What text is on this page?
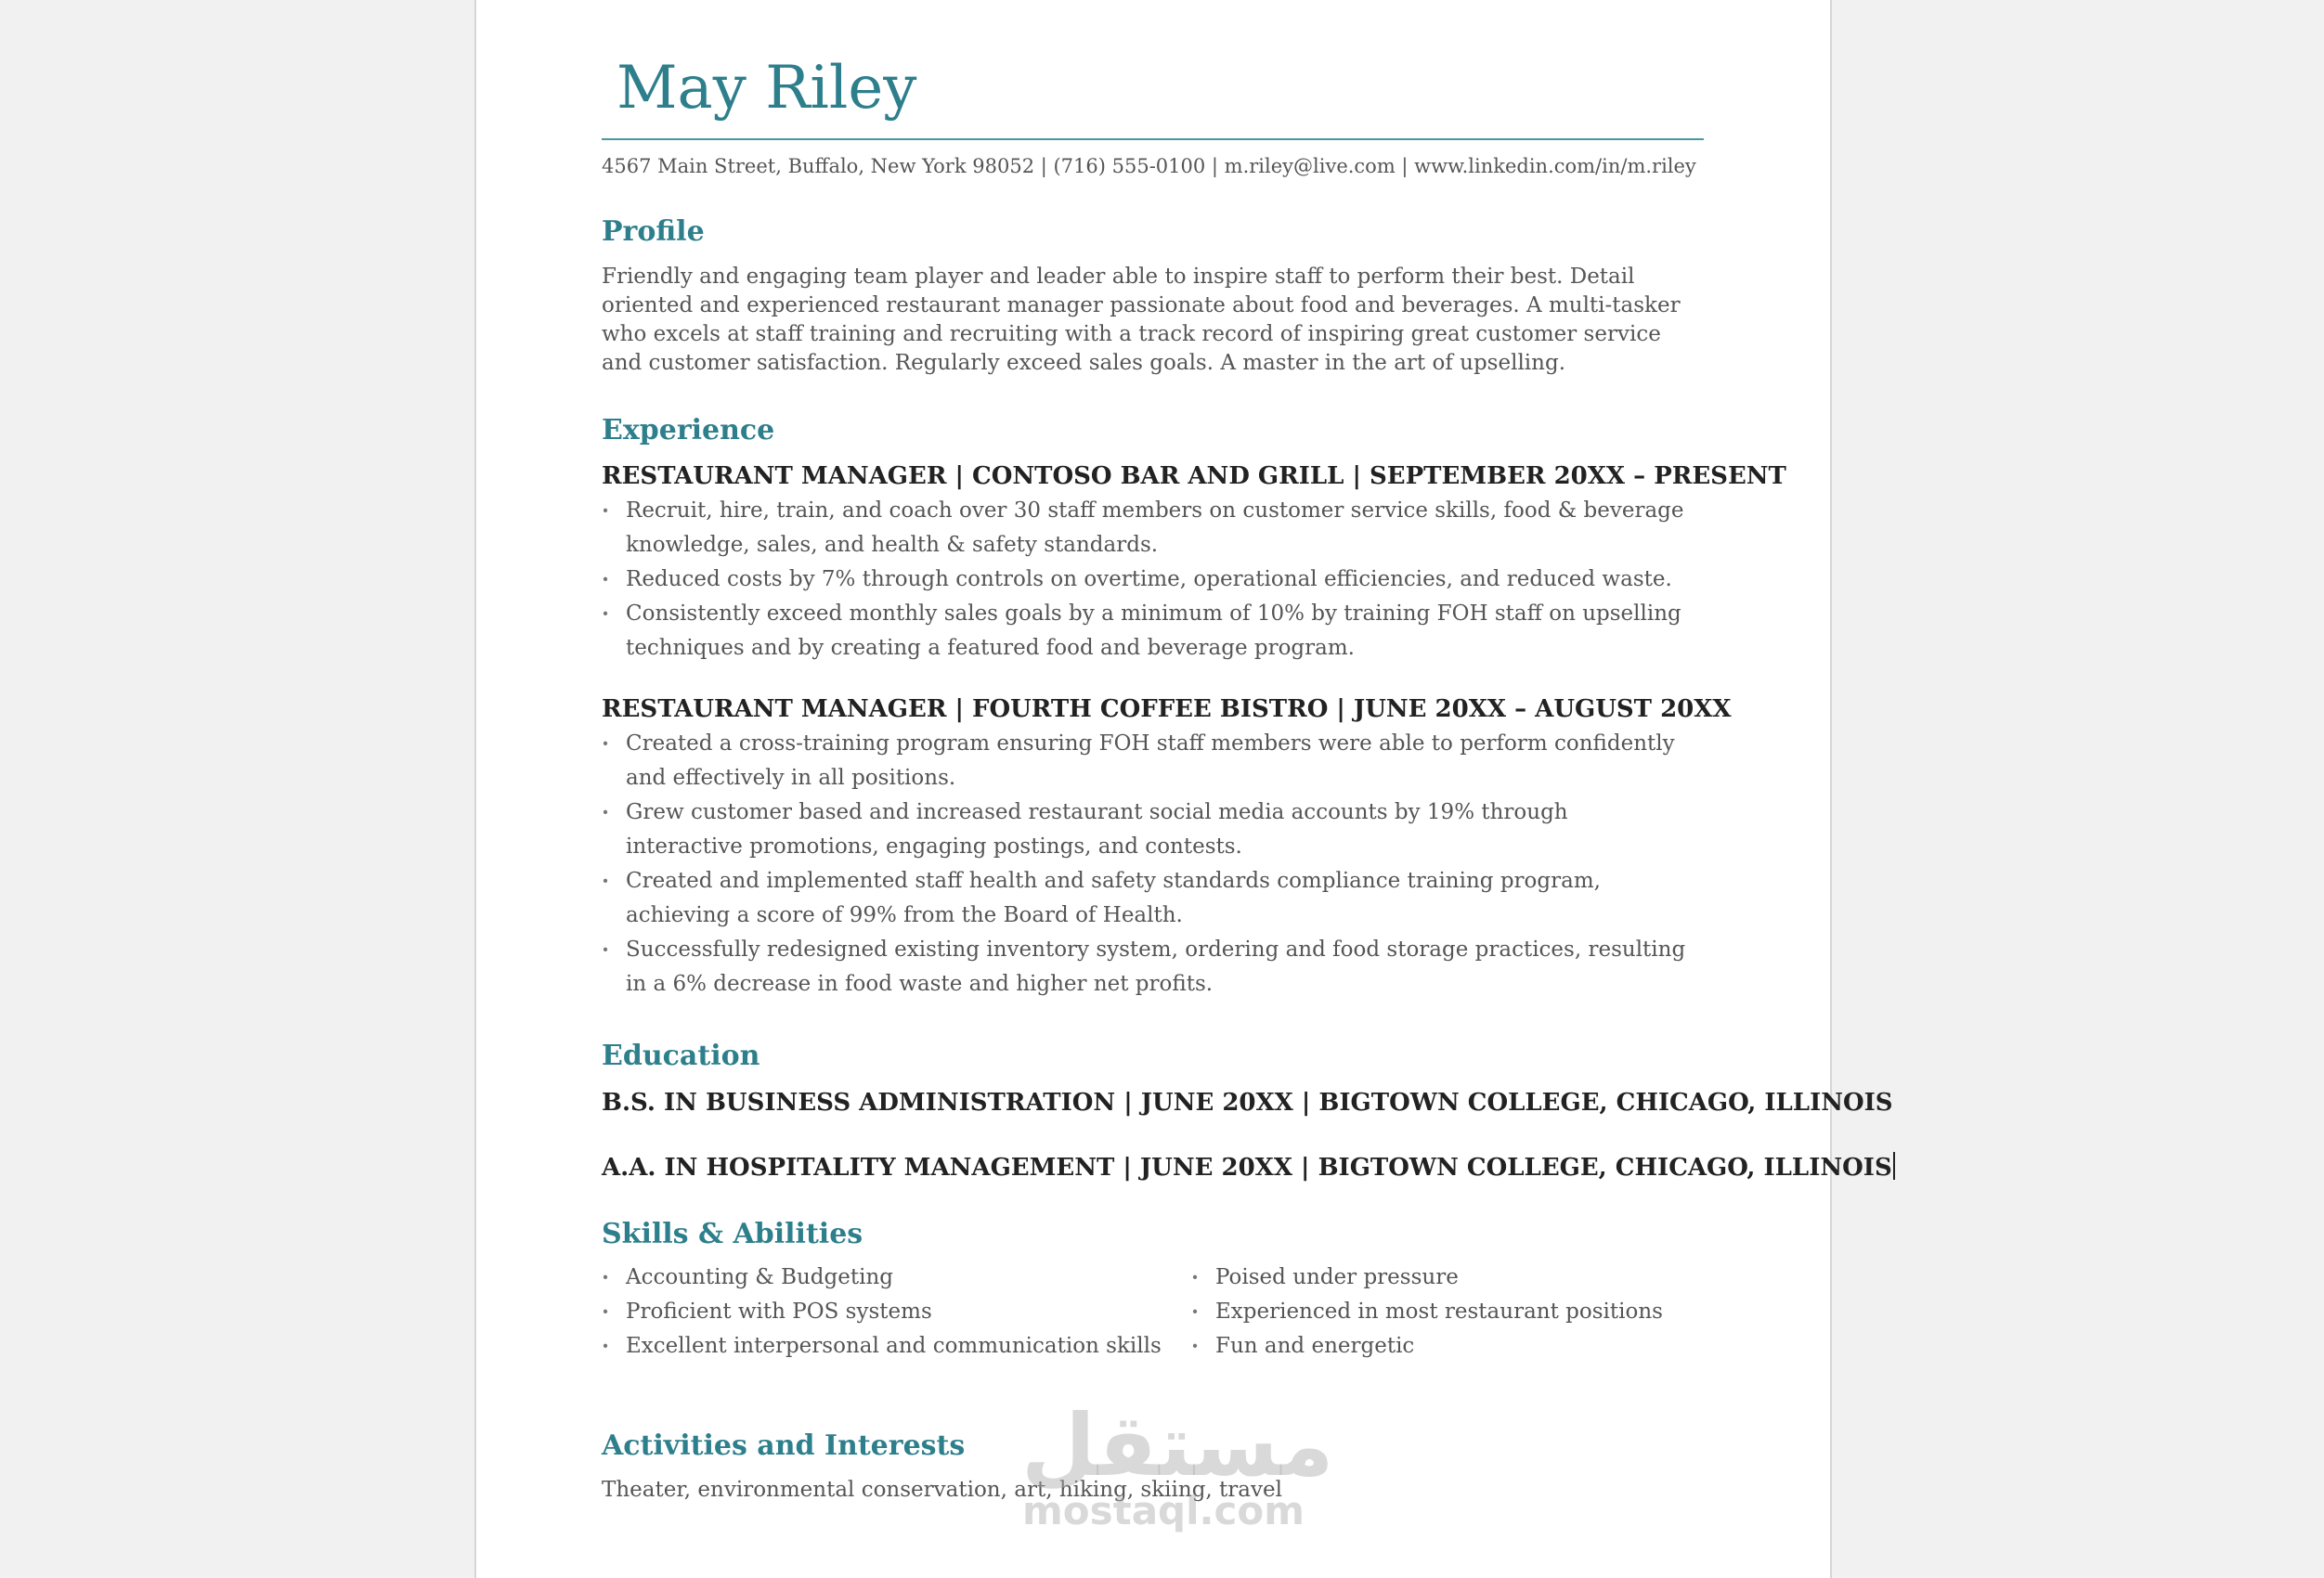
May Riley
4567 Main Street, Buffalo, New York 98052 | (716) 555-0100 | m.riley@live.com | www.linkedin.com/in/m.riley
Profile

Friendly and engaging team player and leader able to inspire staff to perform their best. Detail oriented and experienced restaurant manager passionate about food and beverages. A multi-tasker who excels at staff training and recruiting with a track record of inspiring great customer service and customer satisfaction. Regularly exceed sales goals. A master in the art of upselling.

Experience
RESTAURANT MANAGER | CONTOSO BAR AND GRILL | SEPTEMBER 20XX – PRESENT
· Recruit, hire, train, and coach over 30 staff members on customer service skills, food & beverage knowledge, sales, and health & safety standards.
· Reduced costs by 7% through controls on overtime, operational efficiencies, and reduced waste.
· Consistently exceed monthly sales goals by a minimum of 10% by training FOH staff on upselling techniques and by creating a featured food and beverage program.
RESTAURANT MANAGER | FOURTH COFFEE BISTRO | JUNE 20XX – AUGUST 20XX
· Created a cross-training program ensuring FOH staff members were able to perform confidently and effectively in all positions.
· Grew customer based and increased restaurant social media accounts by 19% through interactive promotions, engaging postings, and contests.
· Created and implemented staff health and safety standards compliance training program, achieving a score of 99% from the Board of Health.
· Successfully redesigned existing inventory system, ordering and food storage practices, resulting in a 6% decrease in food waste and higher net profits.
Education
B.S. IN BUSINESS ADMINISTRATION | JUNE 20XX | BIGTOWN COLLEGE, CHICAGO, ILLINOIS
A.A. IN HOSPITALITY MANAGEMENT | JUNE 20XX | BIGTOWN COLLEGE, CHICAGO, ILLINOIS
Skills & Abilities
· Accounting & Budgeting
· Proficient with POS systems
· Excellent interpersonal and communication skills
· Poised under pressure
· Experienced in most restaurant positions
· Fun and energetic
Activities and Interests

Theater, environmental conservation, art, hiking, skiing, travel

مستقل
mostaql.com
